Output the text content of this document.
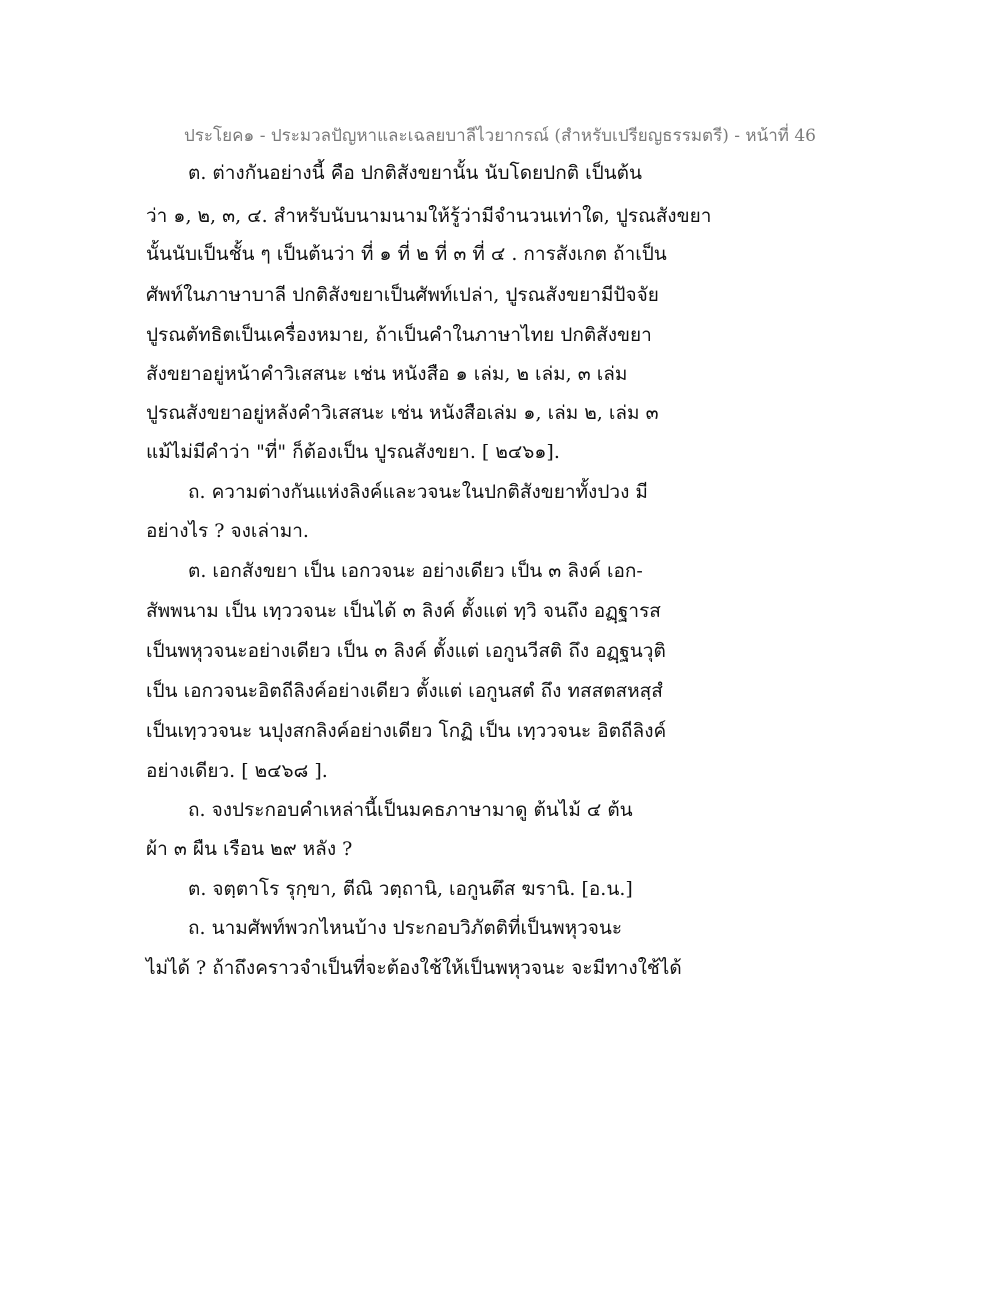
ประโยค๑ - ประมวลปัญหาและเฉลยบาลีไวยากรณ์ (สำหรับเปรียญธรรมตรี) - หน้าที่ 46
ต. ต่างกันอย่างนี้ คือ ปกติสังขยานั้น นับโดยปกติ เป็นต้น
ว่า ๑, ๒, ๓, ๔. สำหรับนับนามนามให้รู้ว่ามีจำนวนเท่าใด, ปูรณสังขยา
นั้นนับเป็นชั้น ๆ เป็นต้นว่า ที่ ๑ ที่ ๒ ที่ ๓ ที่ ๔ . การสังเกต ถ้าเป็น
ศัพท์ในภาษาบาลี ปกติสังขยาเป็นศัพท์เปล่า, ปูรณสังขยามีปัจจัย
ปูรณตัทธิตเป็นเครื่องหมาย, ถ้าเป็นคำในภาษาไทย ปกติสังขยา
สังขยาอยู่หน้าคำวิเสสนะ เช่น หนังสือ ๑ เล่ม, ๒ เล่ม, ๓ เล่ม
ปูรณสังขยาอยู่หลังคำวิเสสนะ เช่น หนังสือเล่ม ๑, เล่ม ๒, เล่ม ๓
แม้ไม่มีคำว่า "ที่" ก็ต้องเป็น ปูรณสังขยา. [ ๒๔๖๑].
ถ. ความต่างกันแห่งลิงค์และวจนะในปกติสังขยาทั้งปวง มี
อย่างไร ? จงเล่ามา.
ต. เอกสังขยา เป็น เอกวจนะ อย่างเดียว เป็น ๓ ลิงค์ เอก-
สัพพนาม เป็น เทฺววจนะ เป็นได้ ๓ ลิงค์ ตั้งแต่ ทฺวิ จนถึง อฏฺฐารส
เป็นพหุวจนะอย่างเดียว เป็น ๓ ลิงค์ ตั้งแต่ เอกูนวีสติ ถึง อฏฺฐนวุติ
เป็น เอกวจนะอิตถีลิงค์อย่างเดียว ตั้งแต่ เอกูนสตํ ถึง ทสสตสหสฺสํ
เป็นเทฺววจนะ นปุงสกลิงค์อย่างเดียว โกฏิ เป็น เทฺววจนะ อิตถีลิงค์
อย่างเดียว. [ ๒๔๖๘ ].
ถ. จงประกอบคำเหล่านี้เป็นมคธภาษามาดู ต้นไม้ ๔ ต้น
ผ้า ๓ ผืน เรือน ๒๙ หลัง ?
ต. จตฺตาโร รุกฺขา, ตีณิ วตฺถานิ, เอกูนตึส ฆรานิ. [อ.น.]
ถ. นามศัพท์พวกไหนบ้าง ประกอบวิภัตติที่เป็นพหุวจนะ
ไม่ได้ ? ถ้าถึงคราวจำเป็นที่จะต้องใช้ให้เป็นพหุวจนะ จะมีทางใช้ได้
